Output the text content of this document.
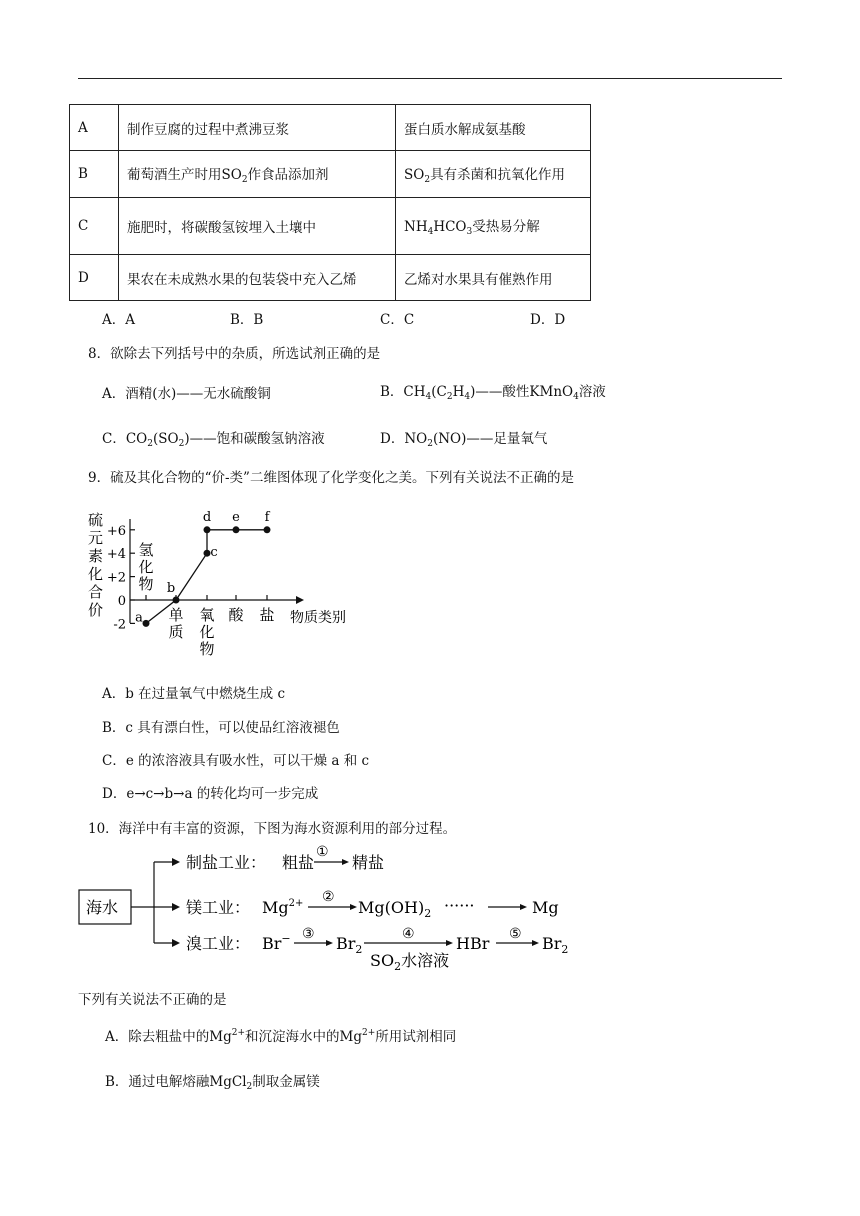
A	制作豆腐的过程中煮沸豆浆	蛋白质水解成氨基酸
B	葡萄酒生产时用$SO_2$作食品添加剂	$SO_2$具有杀菌和抗氧化作用
C	施肥时，将碳酸氢铵埋入土壤中	$NH_4HCO_3$受热易分解
D	果农在未成熟水果的包装袋中充入乙烯	乙烯对水果具有催熟作用
A．A	B．B	C．C	D．D
8．欲除去下列括号中的杂质，所选试剂正确的是
A．酒精(水)——无水硫酸铜	B．$CH_4(C_2H_4)——$酸性KMnO$_4$溶液
C．$CO_2(SO_2)——$饱和碳酸氢钠溶液	D．$NO_2(NO)——$足量氧气
9．硫及其化合物的“价-类”二维图体现了化学变化之美。下列有关说法不正确的是
硫元素化合价
+6
+4
+2
0
-2
氢化物
单质
氧化物
酸 盐 物质类别
a
b
c
d e f
A．b 在过量氧气中燃烧生成 c
B．c 具有漂白性，可以使品红溶液褪色
C．e 的浓溶液具有吸水性，可以干燥 a 和 c
D．e→c→b→a 的转化均可一步完成
10．海洋中有丰富的资源，下图为海水资源利用的部分过程。
海水
制盐工业： 粗盐
①
精盐
镁工业： $Mg^{2+}$ ②
$Mg(OH)_2$ ······	Mg
溴工业： Br− ③ $Br_2$
④
$SO_2$水溶液
HBr ⑤ $Br_2$
下列有关说法不正确的是
A．除去粗盐中的$Mg^{2+}$和沉淀海水中的$Mg^{2+}$所用试剂相同
B．通过电解熔融MgCl$_2$制取金属镁
